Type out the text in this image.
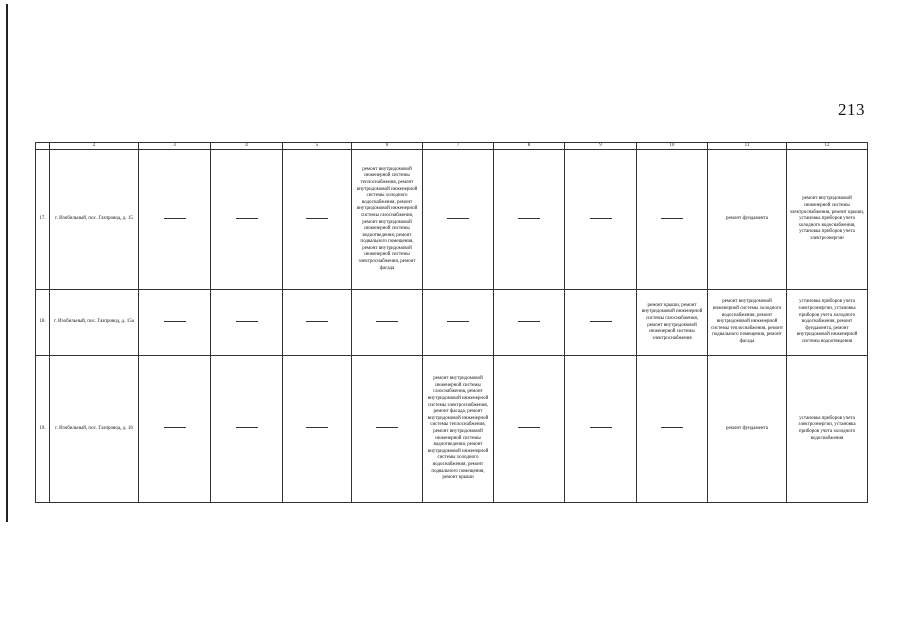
213
	2	3	4	5	6	7	8	9	10	11	12
17.	г. Изобильный, пос. Газпровод, д. 15				ремонт внутридомовой инженерной системы теплоснабжения, ремонт внутридомовой инженерной системы холодного водоснабжения, ремонт внутридомовой инженерной системы газоснабжения, ремонт внутридомовой инженерной системы водоотведения, ремонт подвального помещения, ремонт внутридомовой инженерной системы электроснабжения, ремонт фасада					ремонт фундамента	ремонт внутридомовой инженерной системы электроснабжения, ремонт крыши, установка приборов учета холодного водоснабжения, установка приборов учета электроэнергии
18.	г. Изобильный, пос. Газпровод, д. 15а								ремонт крыши, ремонт внутридомовой инженерной системы газоснабжения, ремонт внутридомовой инженерной системы электроснабжения	ремонт внутридомовой инженерной системы холодного водоснабжения, ремонт внутридомовой инженерной системы теплоснабжения, ремонт подвального помещения, ремонт фасада	установка приборов учета электроэнергии, установка приборов учета холодного водоснабжения, ремонт фундамента, ремонт внутридомовой инженерной системы водоотведения
19.	г. Изобильный, пос. Газпровод, д. 16					ремонт внутридомовой инженерной системы газоснабжения, ремонт внутридомовой инженерной системы электроснабжения, ремонт фасада, ремонт внутридомовой инженерной системы теплоснабжения, ремонт внутридомовой инженерной системы водоотведения, ремонт внутридомовой инженерной системы холодного водоснабжения, ремонт подвального помещения, ремонт крыши				ремонт фундамента	установка приборов учета электроэнергии, установка приборов учета холодного водоснабжения
